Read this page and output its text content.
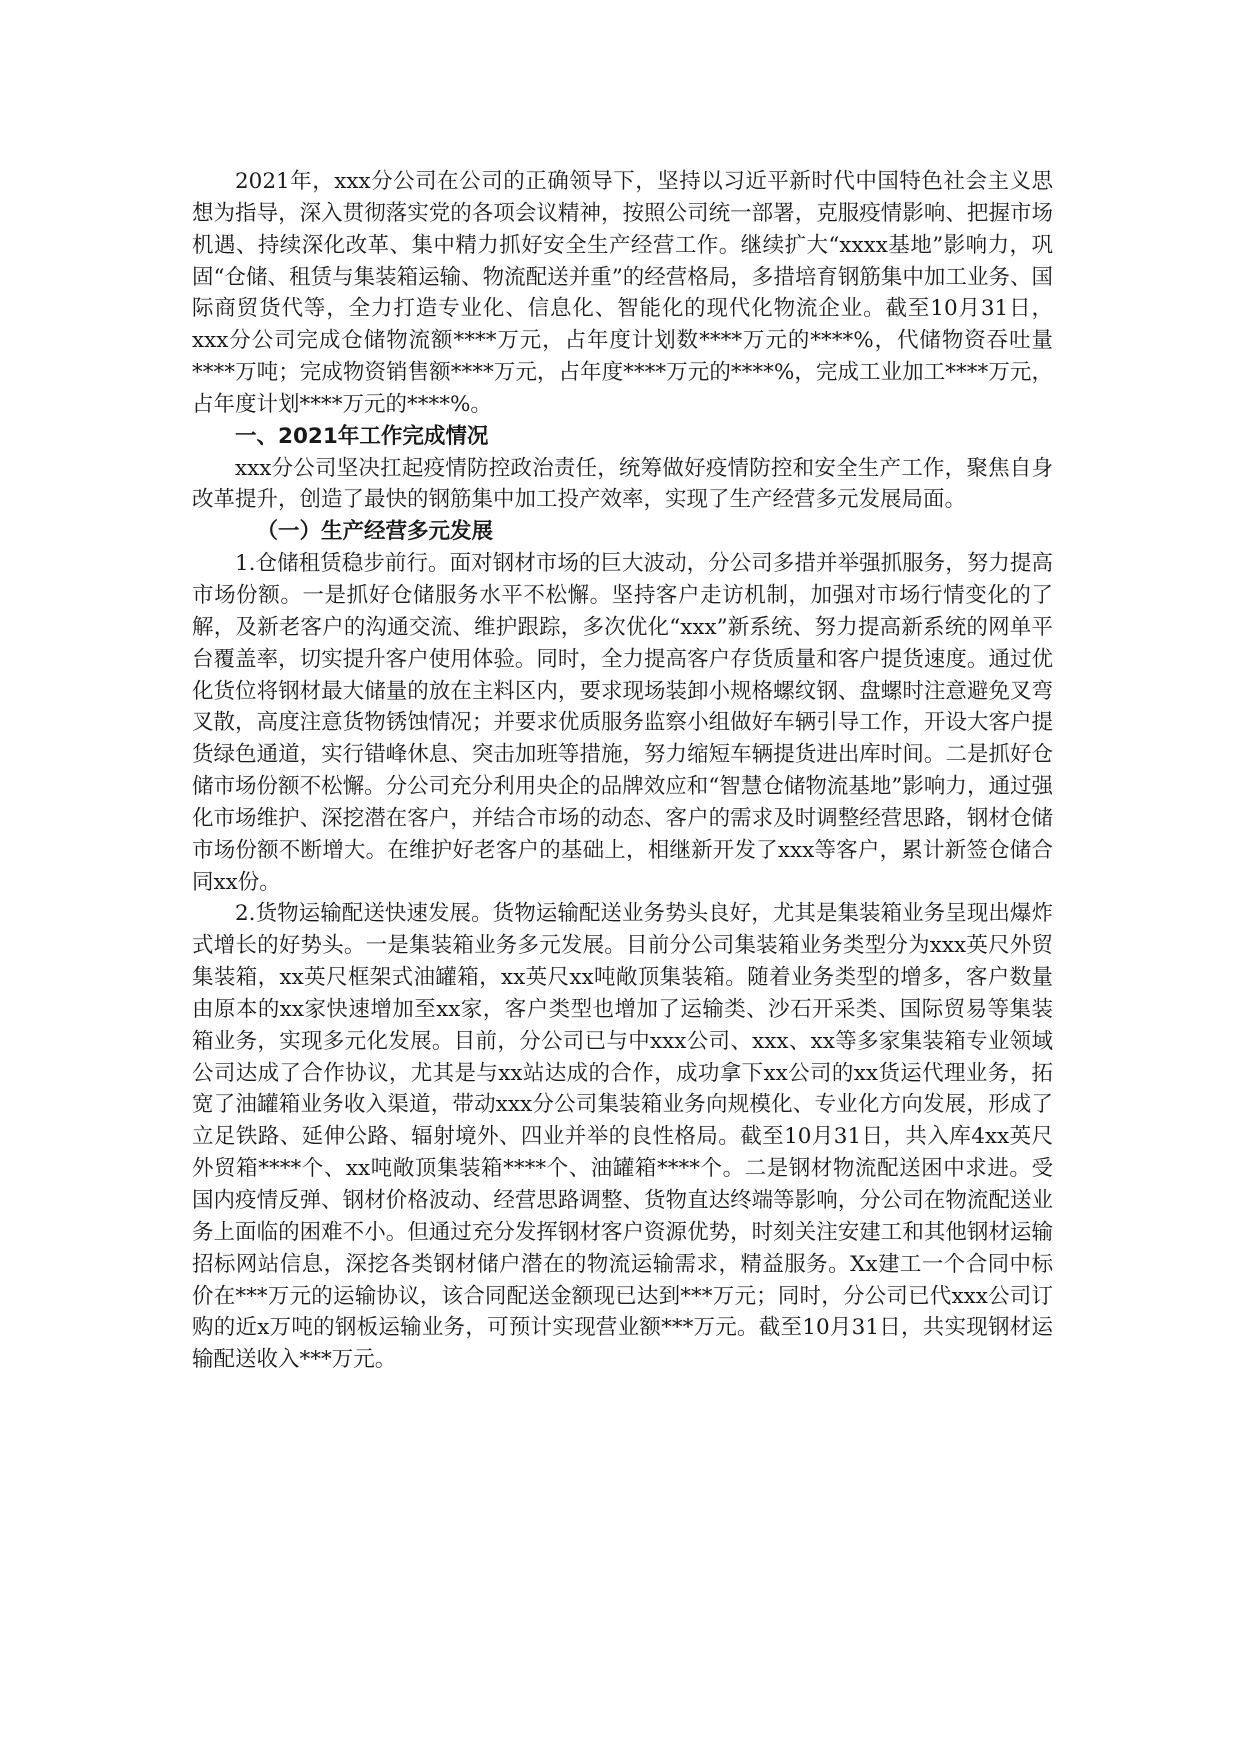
2021年，xxx分公司在公司的正确领导下，坚持以习近平新时代中国特色社会主义思想为指导，深入贯彻落实党的各项会议精神，按照公司统一部署，克服疫情影响、把握市场机遇、持续深化改革、集中精力抓好安全生产经营工作。继续扩大“xxxx基地”影响力，巩固“仓储、租赁与集装箱运输、物流配送并重”的经营格局，多措培育钢筋集中加工业务、国际商贸货代等，全力打造专业化、信息化、智能化的现代化物流企业。截至10月31日，xxx分公司完成仓储物流额****万元，占年度计划数****万元的****%，代储物资吞吐量****万吨；完成物资销售额****万元，占年度****万元的****%，完成工业加工****万元，占年度计划****万元的****%。

一、2021年工作完成情况

xxx分公司坚决扛起疫情防控政治责任，统筹做好疫情防控和安全生产工作，聚焦自身改革提升，创造了最快的钢筋集中加工投产效率，实现了生产经营多元发展局面。

（一）生产经营多元发展

1.仓储租赁稳步前行。面对钢材市场的巨大波动，分公司多措并举强抓服务，努力提高市场份额。一是抓好仓储服务水平不松懈。坚持客户走访机制，加强对市场行情变化的了解，及新老客户的沟通交流、维护跟踪，多次优化“xxx”新系统、努力提高新系统的网单平台覆盖率，切实提升客户使用体验。同时，全力提高客户存货质量和客户提货速度。通过优化货位将钢材最大储量的放在主料区内，要求现场装卸小规格螺纹钢、盘螺时注意避免叉弯叉散，高度注意货物锈蚀情况；并要求优质服务监察小组做好车辆引导工作，开设大客户提货绿色通道，实行错峰休息、突击加班等措施，努力缩短车辆提货进出库时间。二是抓好仓储市场份额不松懈。分公司充分利用央企的品牌效应和“智慧仓储物流基地”影响力，通过强化市场维护、深挖潜在客户，并结合市场的动态、客户的需求及时调整经营思路，钢材仓储市场份额不断增大。在维护好老客户的基础上，相继新开发了xxx等客户，累计新签仓储合同xx份。

2.货物运输配送快速发展。货物运输配送业务势头良好，尤其是集装箱业务呈现出爆炸式增长的好势头。一是集装箱业务多元发展。目前分公司集装箱业务类型分为xxx英尺外贸集装箱，xx英尺框架式油罐箱，xx英尺xx吨敞顶集装箱。随着业务类型的增多，客户数量由原本的xx家快速增加至xx家，客户类型也增加了运输类、沙石开采类、国际贸易等集装箱业务，实现多元化发展。目前，分公司已与中xxx公司、xxx、xx等多家集装箱专业领域公司达成了合作协议，尤其是与xx站达成的合作，成功拿下xx公司的xx货运代理业务，拓宽了油罐箱业务收入渠道，带动xxx分公司集装箱业务向规模化、专业化方向发展，形成了立足铁路、延伸公路、辐射境外、四业并举的良性格局。截至10月31日，共入库4xx英尺外贸箱****个、xx吨敞顶集装箱****个、油罐箱****个。二是钢材物流配送困中求进。受国内疫情反弹、钢材价格波动、经营思路调整、货物直达终端等影响，分公司在物流配送业务上面临的困难不小。但通过充分发挥钢材客户资源优势，时刻关注安建工和其他钢材运输招标网站信息，深挖各类钢材储户潜在的物流运输需求，精益服务。Xx建工一个合同中标价在***万元的运输协议，该合同配送金额现已达到***万元；同时，分公司已代xxx公司订购的近x万吨的钢板运输业务，可预计实现营业额***万元。截至10月31日，共实现钢材运输配送收入***万元。
